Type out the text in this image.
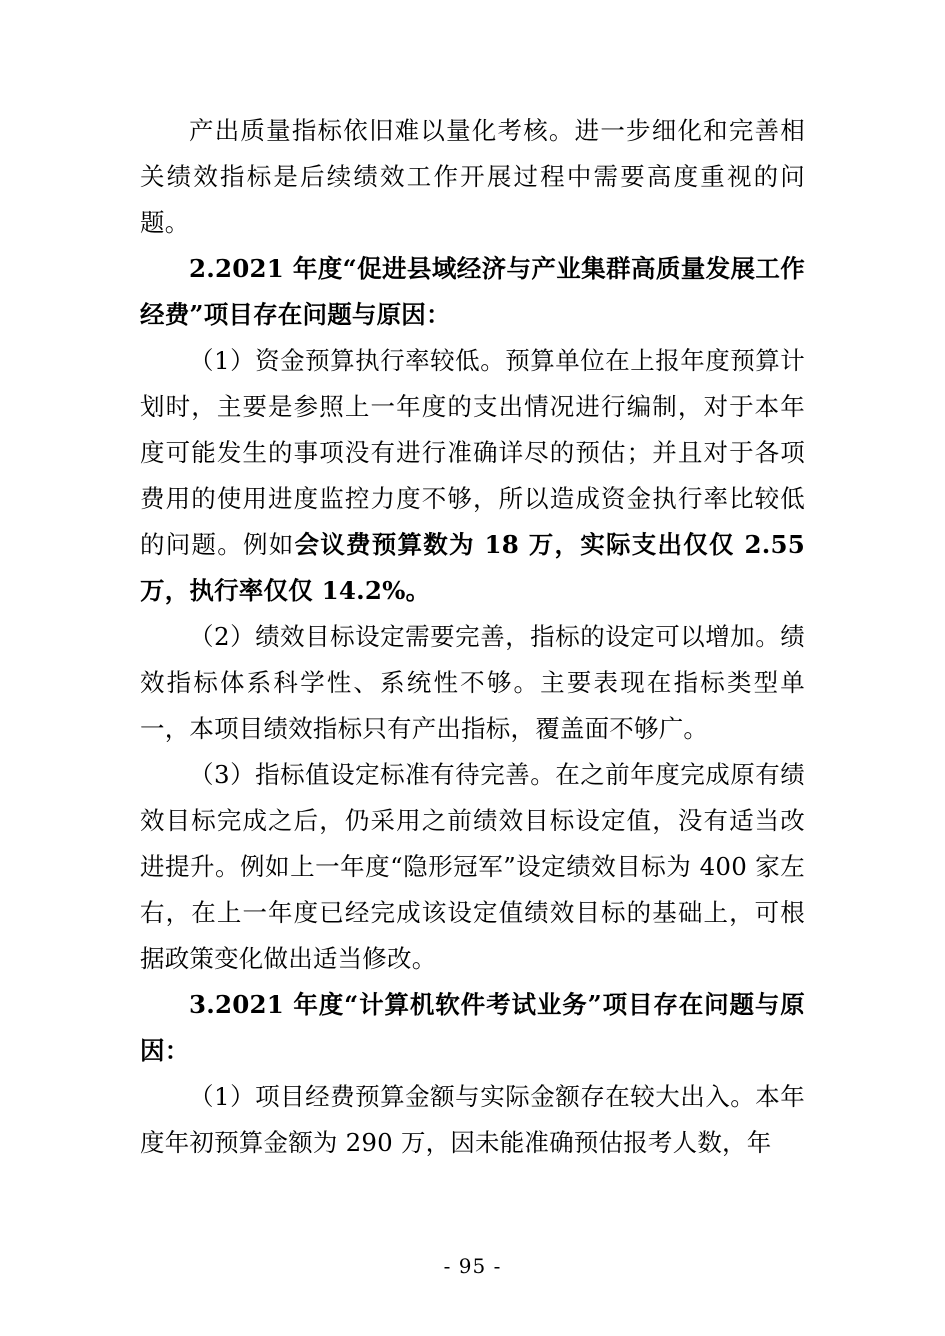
产出质量指标依旧难以量化考核。进一步细化和完善相关绩效指标是后续绩效工作开展过程中需要高度重视的问题。

2.2021 年度“促进县域经济与产业集群高质量发展工作经费”项目存在问题与原因：

（1）资金预算执行率较低。预算单位在上报年度预算计划时，主要是参照上一年度的支出情况进行编制，对于本年度可能发生的事项没有进行准确详尽的预估；并且对于各项费用的使用进度监控力度不够，所以造成资金执行率比较低的问题。例如会议费预算数为 18 万，实际支出仅仅 2.55 万，执行率仅仅 14.2%。

（2）绩效目标设定需要完善，指标的设定可以增加。绩效指标体系科学性、系统性不够。主要表现在指标类型单一，本项目绩效指标只有产出指标，覆盖面不够广。

（3）指标值设定标准有待完善。在之前年度完成原有绩效目标完成之后，仍采用之前绩效目标设定值，没有适当改进提升。例如上一年度“隐形冠军”设定绩效目标为 400 家左右，在上一年度已经完成该设定值绩效目标的基础上，可根据政策变化做出适当修改。

3.2021 年度“计算机软件考试业务”项目存在问题与原因：

（1）项目经费预算金额与实际金额存在较大出入。本年度年初预算金额为 290 万，因未能准确预估报考人数，年

- 95 -
